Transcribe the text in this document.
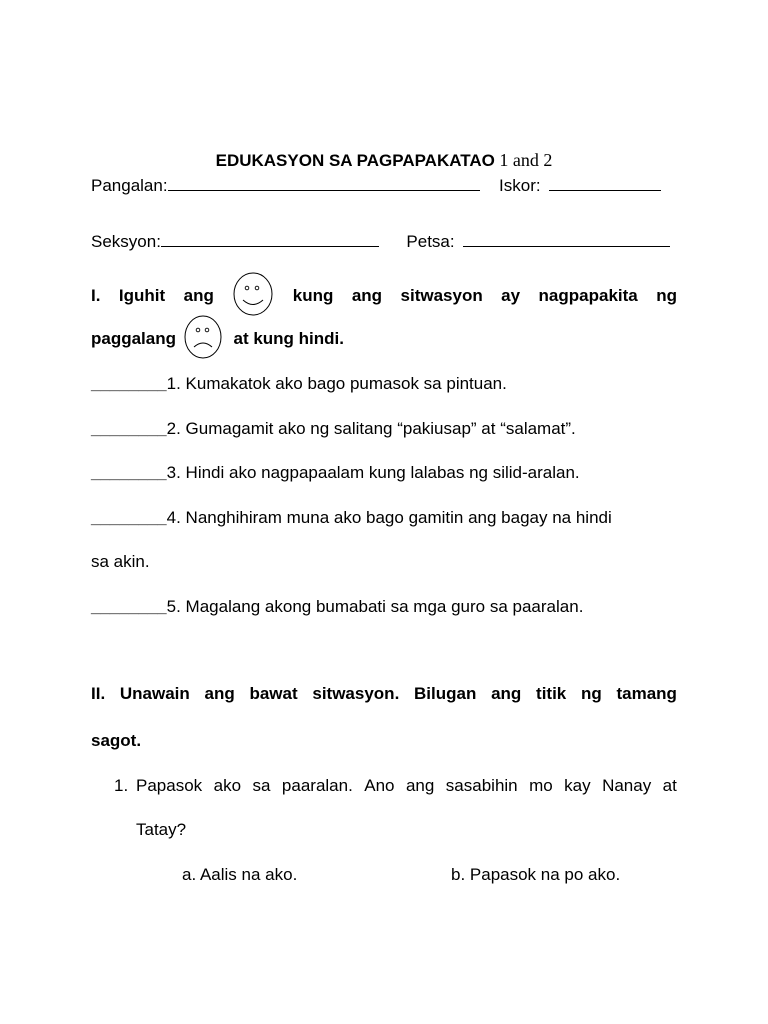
EDUKASYON SA PAGPAPAKATAO 1 and 2
Pangalan:	Iskor:
Seksyon:	Petsa:
I. Iguhit ang	kung ang sitwasyon ay nagpapakita ng
paggalang	at kung hindi.
________1. Kumakatok ako bago pumasok sa pintuan.
________2. Gumagamit ako ng salitang “pakiusap” at “salamat”.
________3. Hindi ako nagpapaalam kung lalabas ng silid-aralan.
________4. Nanghihiram muna ako bago gamitin ang bagay na hindi
sa akin.
________5. Magalang akong bumabati sa mga guro sa paaralan.
II. Unawain ang bawat sitwasyon. Bilugan ang titik ng tamang
sagot.
1. Papasok ako sa paaralan. Ano ang sasabihin mo kay Nanay at
Tatay?
a. Aalis na ako.	b. Papasok na po ako.
